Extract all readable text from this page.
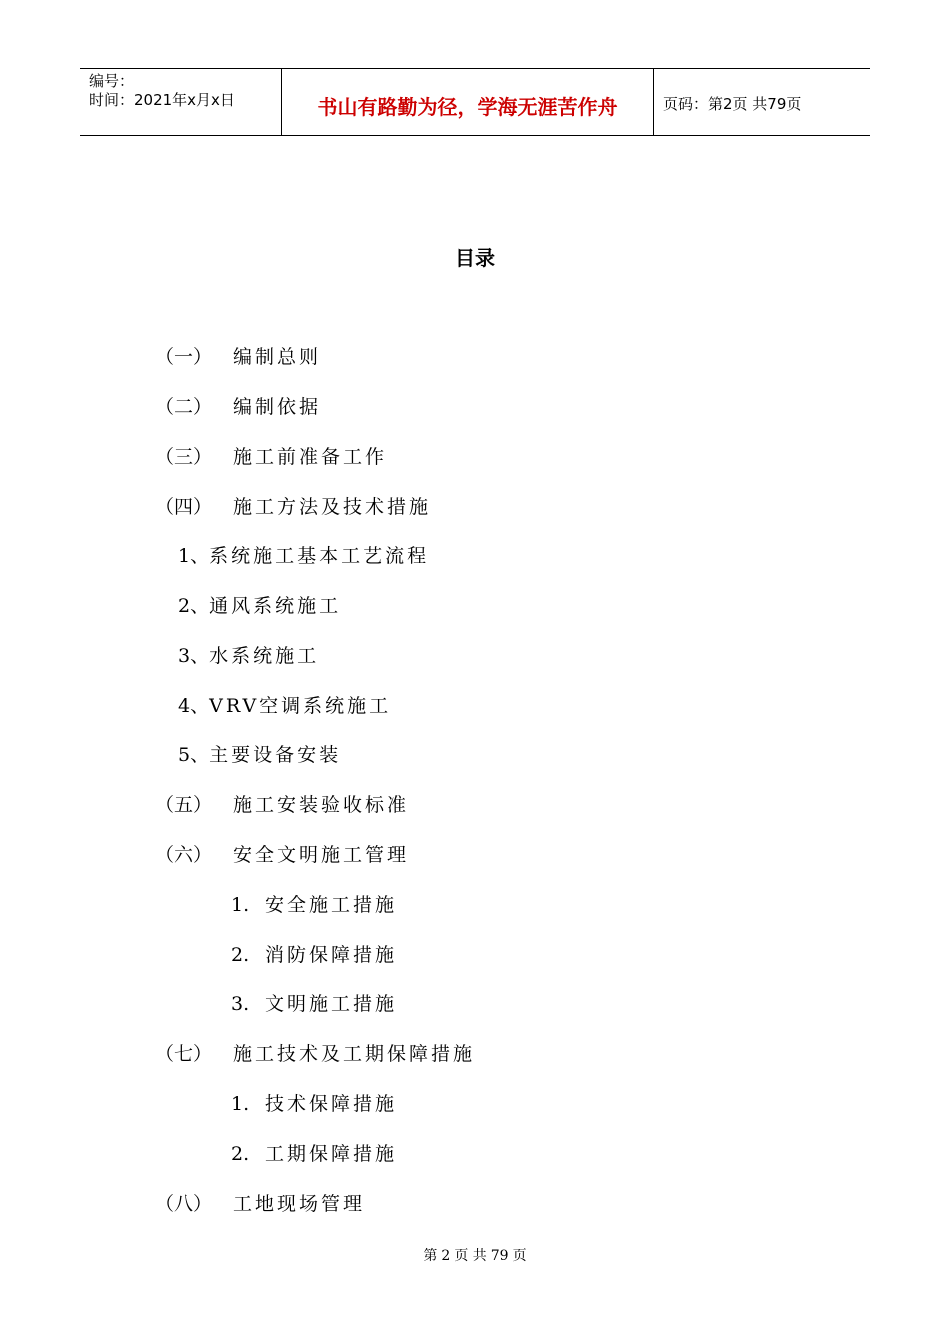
编号：
时间：2021年x月x日	书山有路勤为径，学海无涯苦作舟	页码：第2页 共79页
目录
（一） 编制总则
（二） 编制依据
（三） 施工前准备工作
（四） 施工方法及技术措施
1、系统施工基本工艺流程
2、通风系统施工
3、水系统施工
4、VRV空调系统施工
5、主要设备安装
（五） 施工安装验收标准
（六） 安全文明施工管理
1. 安全施工措施
2. 消防保障措施
3. 文明施工措施
（七） 施工技术及工期保障措施
1. 技术保障措施
2. 工期保障措施
（八） 工地现场管理
第 2 页 共 79 页
